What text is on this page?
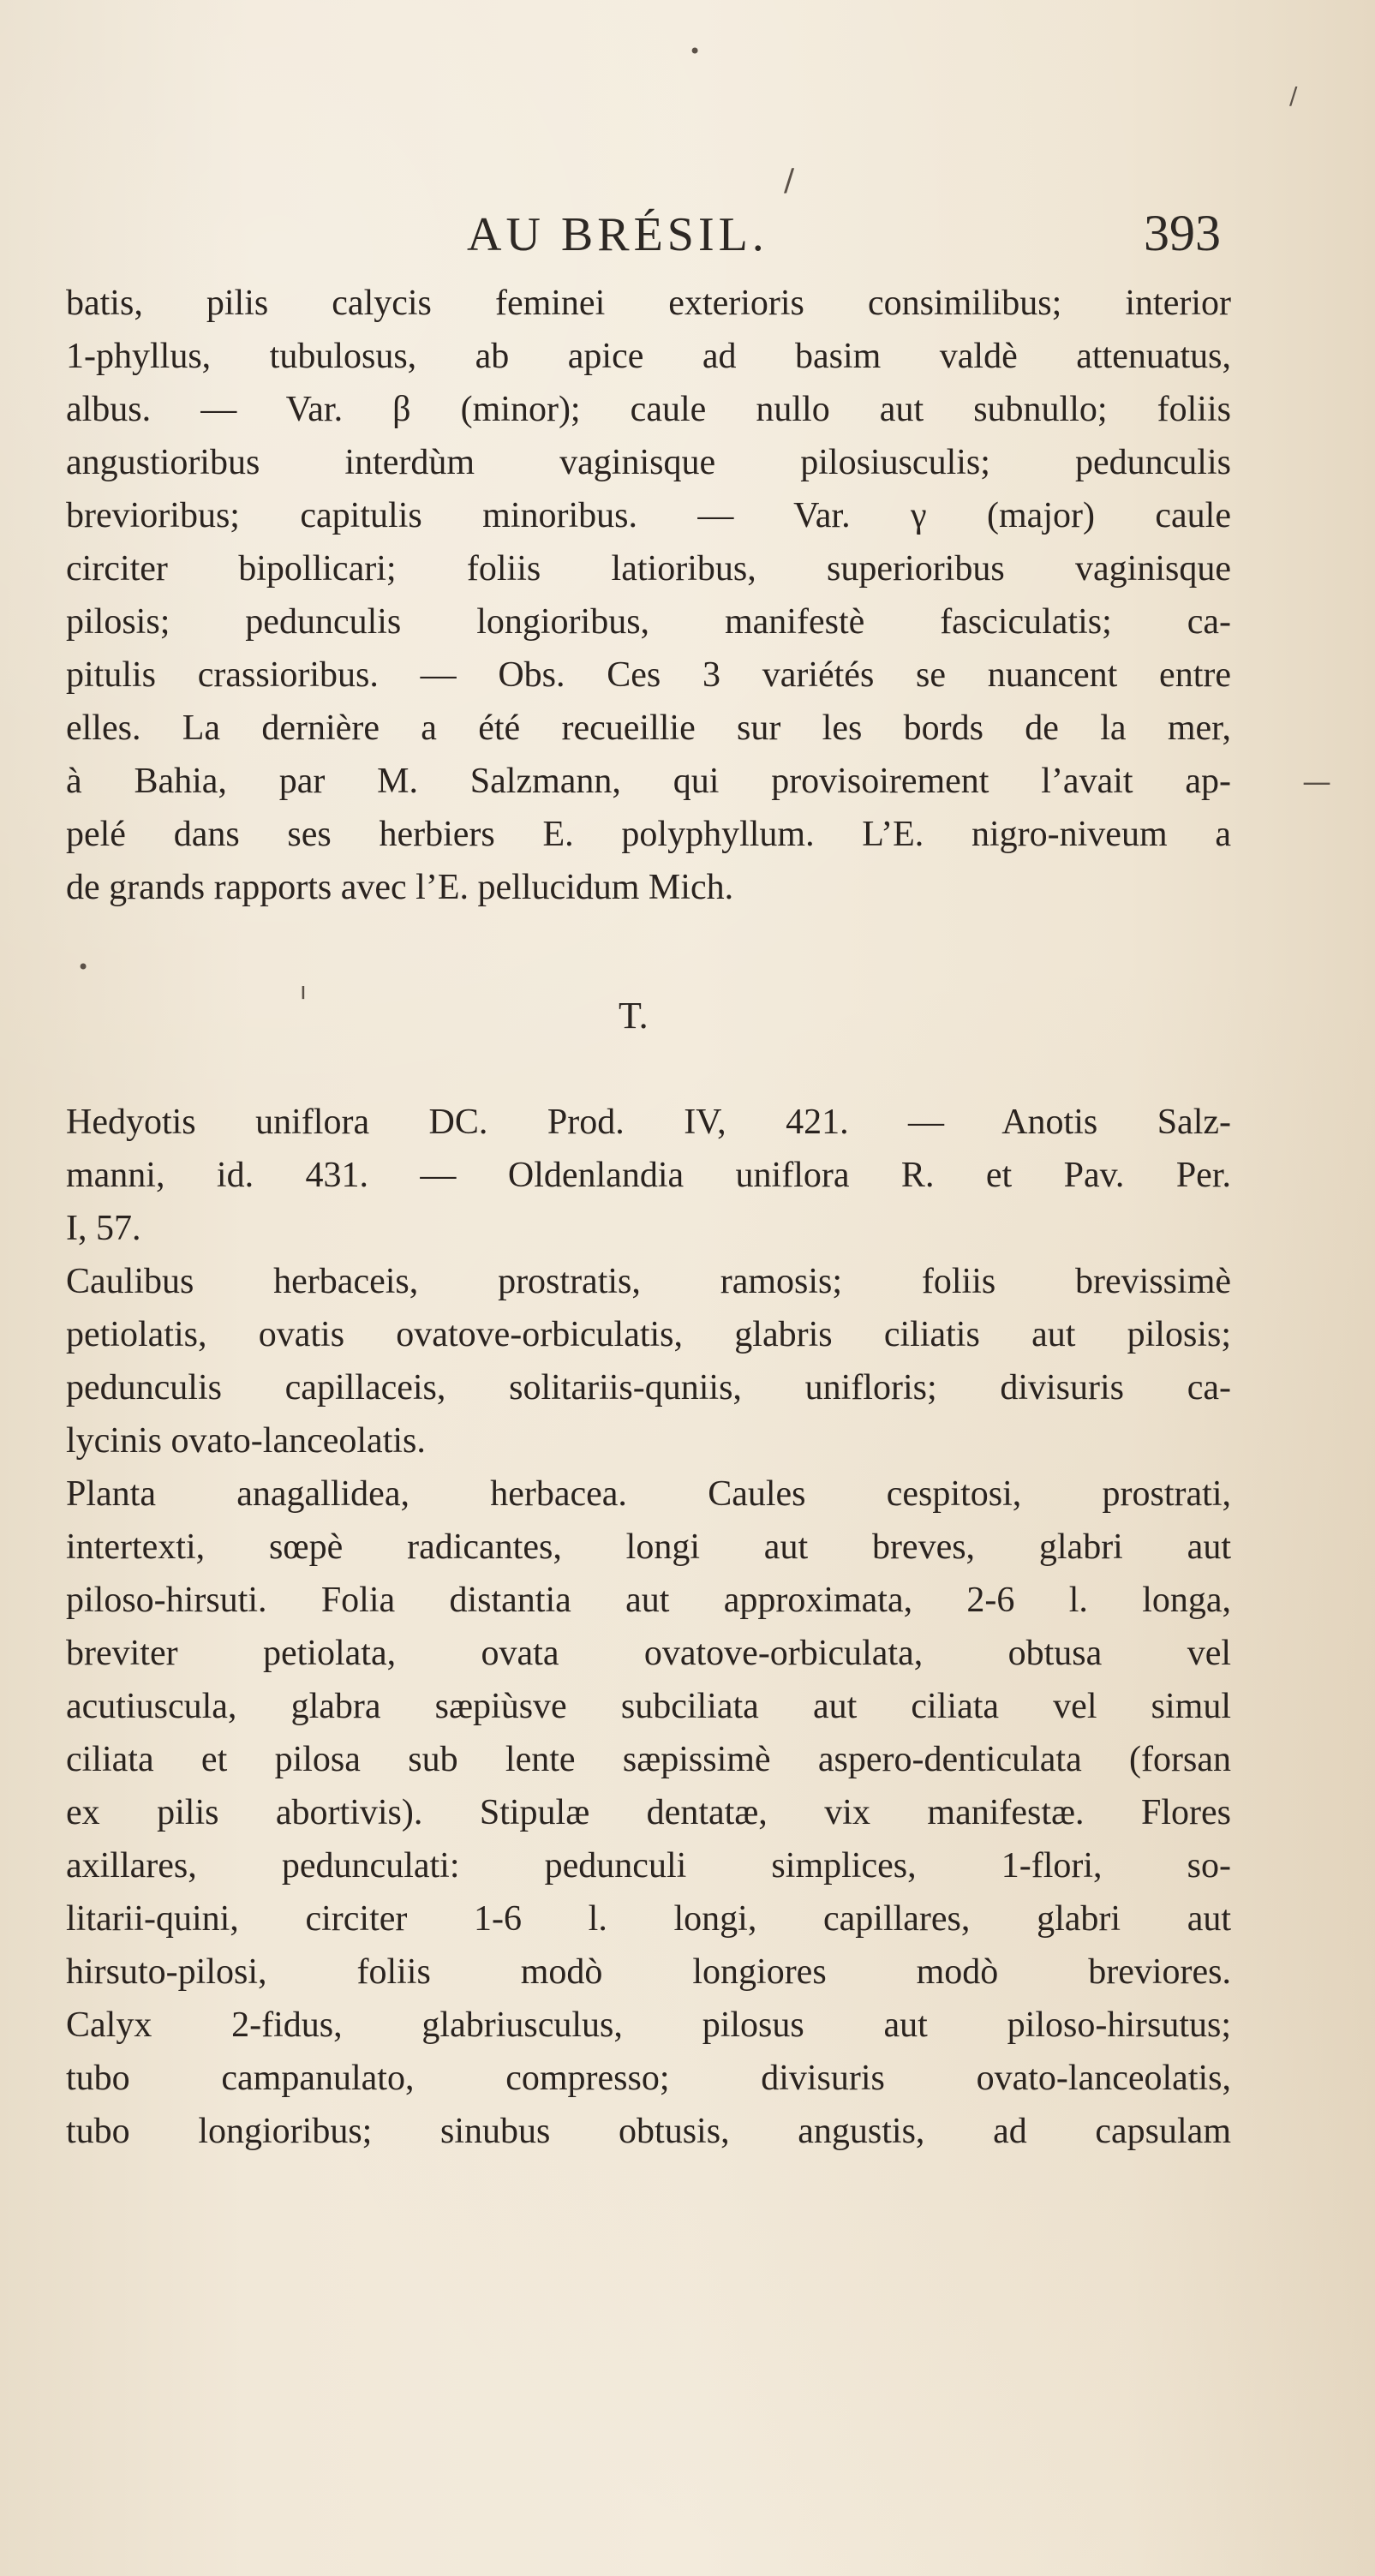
•
/
/
•
ı
—
AU BRÉSIL.	393
batis, pilis calycis feminei exterioris consimilibus; interior
1-phyllus, tubulosus, ab apice ad basim valdè attenuatus,
albus. — Var. β (minor); caule nullo aut subnullo; foliis
angustioribus interdùm vaginisque pilosiusculis; pedunculis
brevioribus; capitulis minoribus. — Var. γ (major) caule
circiter bipollicari; foliis latioribus, superioribus vaginisque
pilosis; pedunculis longioribus, manifestè fasciculatis; ca-
pitulis crassioribus. — Obs. Ces 3 variétés se nuancent entre
elles. La dernière a été recueillie sur les bords de la mer,
à Bahia, par M. Salzmann, qui provisoirement l’avait ap-
pelé dans ses herbiers E. polyphyllum. L’E. nigro-niveum a
de grands rapports avec l’E. pellucidum Mich.
T.
Hedyotis uniflora DC. Prod. IV, 421. — Anotis Salz-
manni, id. 431. — Oldenlandia uniflora R. et Pav. Per.
I, 57.
Caulibus herbaceis, prostratis, ramosis; foliis brevissimè
petiolatis, ovatis ovatove-orbiculatis, glabris ciliatis aut pilosis;
pedunculis capillaceis, solitariis-quniis, unifloris; divisuris ca-
lycinis ovato-lanceolatis.
Planta anagallidea, herbacea. Caules cespitosi, prostrati,
intertexti, sœpè radicantes, longi aut breves, glabri aut
piloso-hirsuti. Folia distantia aut approximata, 2-6 l. longa,
breviter petiolata, ovata ovatove-orbiculata, obtusa vel
acutiuscula, glabra sæpiùsve subciliata aut ciliata vel simul
ciliata et pilosa sub lente sæpissimè aspero-denticulata (forsan
ex pilis abortivis). Stipulæ dentatæ, vix manifestæ. Flores
axillares, pedunculati: pedunculi simplices, 1-flori, so-
litarii-quini, circiter 1-6 l. longi, capillares, glabri aut
hirsuto-pilosi, foliis modò longiores modò breviores.
Calyx 2-fidus, glabriusculus, pilosus aut piloso-hirsutus;
tubo campanulato, compresso; divisuris ovato-lanceolatis,
tubo longioribus; sinubus obtusis, angustis, ad capsulam
